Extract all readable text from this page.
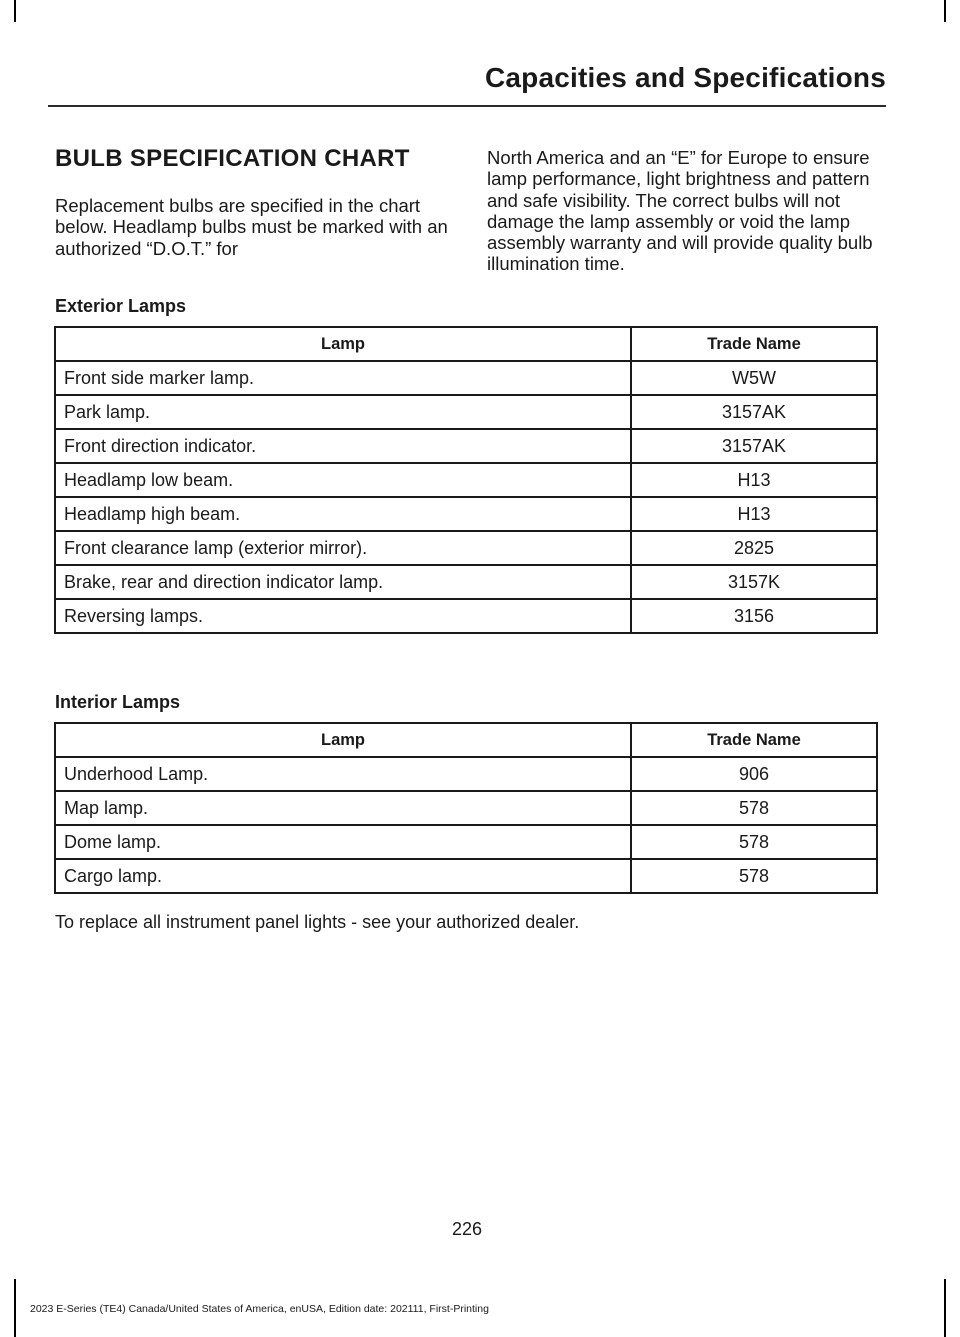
Capacities and Specifications
BULB SPECIFICATION CHART

Replacement bulbs are specified in the chart below. Headlamp bulbs must be marked with an authorized “D.O.T.” for

North America and an “E” for Europe to ensure lamp performance, light brightness and pattern and safe visibility. The correct bulbs will not damage the lamp assembly or void the lamp assembly warranty and will provide quality bulb illumination time.

Exterior Lamps
Lamp	Trade Name
Front side marker lamp.	W5W
Park lamp.	3157AK
Front direction indicator.	3157AK
Headlamp low beam.	H13
Headlamp high beam.	H13
Front clearance lamp (exterior mirror).	2825
Brake, rear and direction indicator lamp.	3157K
Reversing lamps.	3156
Interior Lamps
Lamp	Trade Name
Underhood Lamp.	906
Map lamp.	578
Dome lamp.	578
Cargo lamp.	578
To replace all instrument panel lights - see your authorized dealer.
226
2023 E-Series (TE4) Canada/United States of America, enUSA, Edition date: 202111, First-Printing
